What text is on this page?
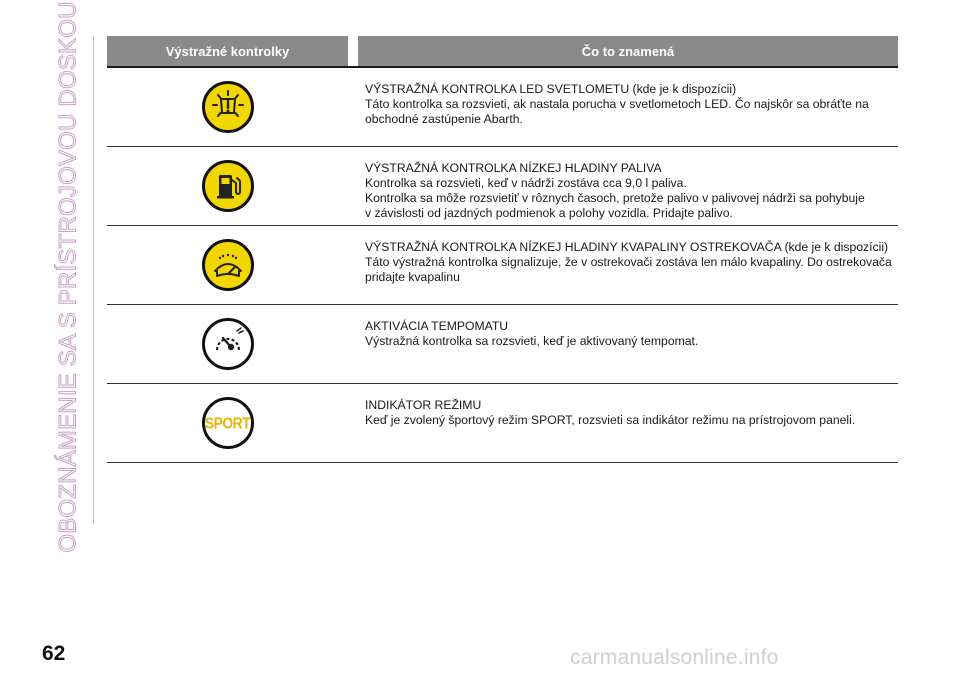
OBOZNÁMENIE SA S PRÍSTROJOVOU DOSKOU	Výstražné kontrolky	Čo to znamená
VÝSTRAŽNÁ KONTROLKA LED SVETLOMETU (kde je k dispozícii)
Táto kontrolka sa rozsvieti, ak nastala porucha v svetlometoch LED. Čo najskôr sa obráťte na
obchodné zastúpenie Abarth.
VÝSTRAŽNÁ KONTROLKA NÍZKEJ HLADINY PALIVA
Kontrolka sa rozsvieti, keď v nádrži zostáva cca 9,0 l paliva.
Kontrolka sa môže rozsvietiť v rôznych časoch, pretože palivo v palivovej nádrži sa pohybuje
v závislosti od jazdných podmienok a polohy vozidla. Pridajte palivo.
VÝSTRAŽNÁ KONTROLKA NÍZKEJ HLADINY KVAPALINY OSTREKOVAČA (kde je k dispozícii)
Táto výstražná kontrolka signalizuje, že v ostrekovači zostáva len málo kvapaliny. Do ostrekovača
pridajte kvapalinu
AKTIVÁCIA TEMPOMATU
Výstražná kontrolka sa rozsvieti, keď je aktivovaný tempomat.
SPORT
INDIKÁTOR REŽIMU
Keď je zvolený športový režim SPORT, rozsvieti sa indikátor režimu na prístrojovom paneli.
62	carmanualsonline.info
